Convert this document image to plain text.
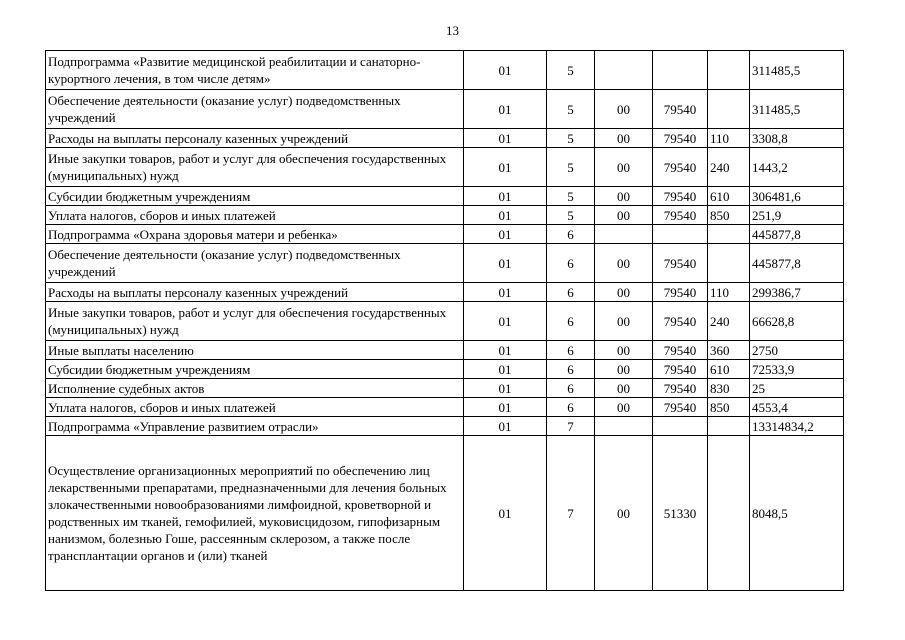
13
Подпрограмма «Развитие медицинской реабилитации и санаторно-курортного лечения, в том числе детям»	01	5				311485,5
Обеспечение деятельности (оказание услуг) подведомственных учреждений	01	5	00	79540		311485,5
Расходы на выплаты персоналу казенных учреждений	01	5	00	79540	110	3308,8
Иные закупки товаров, работ и услуг для обеспечения государственных (муниципальных) нужд	01	5	00	79540	240	1443,2
Субсидии бюджетным учреждениям	01	5	00	79540	610	306481,6
Уплата налогов, сборов и иных платежей	01	5	00	79540	850	251,9
Подпрограмма «Охрана здоровья матери и ребенка»	01	6				445877,8
Обеспечение деятельности (оказание услуг) подведомственных учреждений	01	6	00	79540		445877,8
Расходы на выплаты персоналу казенных учреждений	01	6	00	79540	110	299386,7
Иные закупки товаров, работ и услуг для обеспечения государственных (муниципальных) нужд	01	6	00	79540	240	66628,8
Иные выплаты населению	01	6	00	79540	360	2750
Субсидии бюджетным учреждениям	01	6	00	79540	610	72533,9
Исполнение судебных актов	01	6	00	79540	830	25
Уплата налогов, сборов и иных платежей	01	6	00	79540	850	4553,4
Подпрограмма «Управление развитием отрасли»	01	7				13314834,2
Осуществление организационных мероприятий по обеспечению лиц лекарственными препаратами, предназначенными для лечения больных злокачественными новообразованиями лимфоидной, кроветворной и родственных им тканей, гемофилией, муковисцидозом, гипофизарным нанизмом, болезнью Гоше, рассеянным склерозом, а также после трансплантации органов и (или) тканей	01	7	00	51330		8048,5
